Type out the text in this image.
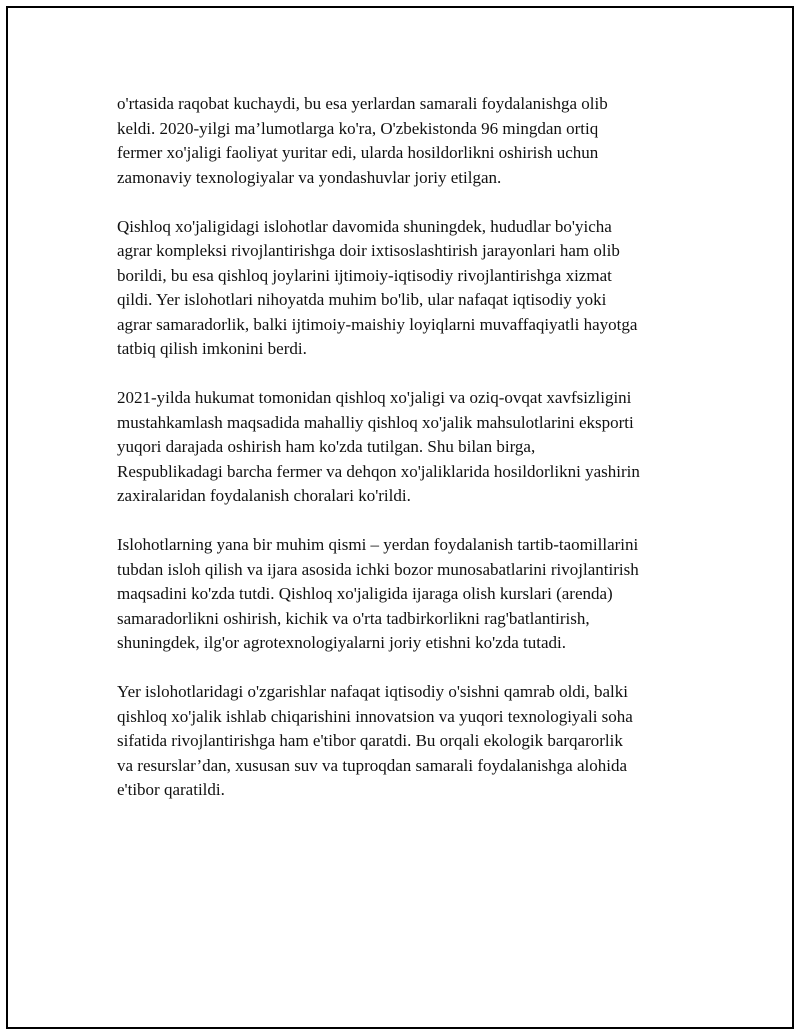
o'rtasida raqobat kuchaydi, bu esa yerlardan samarali foydalanishga olib
keldi. 2020-yilgi ma’lumotlarga ko'ra, O'zbekistonda 96 mingdan ortiq
fermer xo'jaligi faoliyat yuritar edi, ularda hosildorlikni oshirish uchun
zamonaviy texnologiyalar va yondashuvlar joriy etilgan.

Qishloq xo'jaligidagi islohotlar davomida shuningdek, hududlar bo'yicha
agrar kompleksi rivojlantirishga doir ixtisoslashtirish jarayonlari ham olib
borildi, bu esa qishloq joylarini ijtimoiy-iqtisodiy rivojlantirishga xizmat
qildi. Yer islohotlari nihoyatda muhim bo'lib, ular nafaqat iqtisodiy yoki
agrar samaradorlik, balki ijtimoiy-maishiy loyiqlarni muvaffaqiyatli hayotga
tatbiq qilish imkonini berdi.

2021-yilda hukumat tomonidan qishloq xo'jaligi va oziq-ovqat xavfsizligini
mustahkamlash maqsadida mahalliy qishloq xo'jalik mahsulotlarini eksporti
yuqori darajada oshirish ham ko'zda tutilgan. Shu bilan birga,
Respublikadagi barcha fermer va dehqon xo'jaliklarida hosildorlikni yashirin
zaxiralaridan foydalanish choralari ko'rildi.

Islohotlarning yana bir muhim qismi – yerdan foydalanish tartib-taomillarini
tubdan isloh qilish va ijara asosida ichki bozor munosabatlarini rivojlantirish
maqsadini ko'zda tutdi. Qishloq xo'jaligida ijaraga olish kurslari (arenda)
samaradorlikni oshirish, kichik va o'rta tadbirkorlikni rag'batlantirish,
shuningdek, ilg'or agrotexnologiyalarni joriy etishni ko'zda tutadi.

Yer islohotlaridagi o'zgarishlar nafaqat iqtisodiy o'sishni qamrab oldi, balki
qishloq xo'jalik ishlab chiqarishini innovatsion va yuqori texnologiyali soha
sifatida rivojlantirishga ham e'tibor qaratdi. Bu orqali ekologik barqarorlik
va resurslar’dan, xususan suv va tuproqdan samarali foydalanishga alohida
e'tibor qaratildi.
